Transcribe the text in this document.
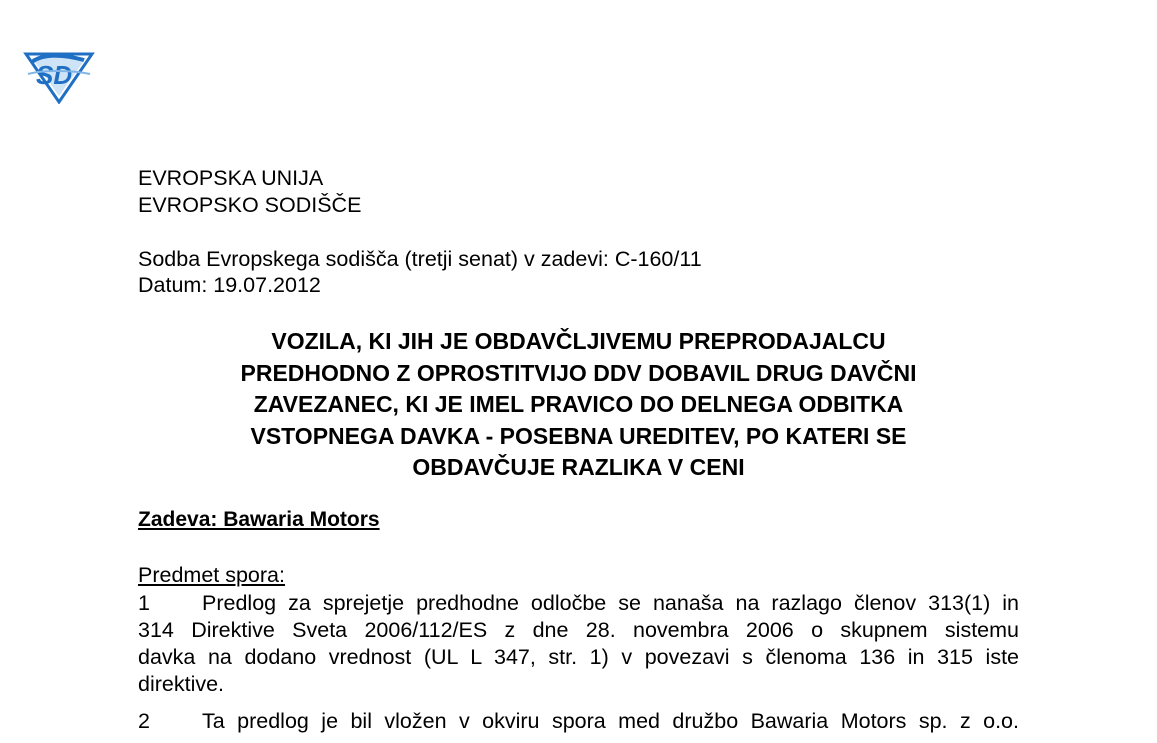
SD
EVROPSKA UNIJA
EVROPSKO SODIŠČE
Sodba Evropskega sodišča (tretji senat) v zadevi: C-160/11
Datum: 19.07.2012
VOZILA, KI JIH JE OBDAVČLJIVEMU PREPRODAJALCU
PREDHODNO Z OPROSTITVIJO DDV DOBAVIL DRUG DAVČNI
ZAVEZANEC, KI JE IMEL PRAVICO DO DELNEGA ODBITKA
VSTOPNEGA DAVKA - POSEBNA UREDITEV, PO KATERI SE
OBDAVČUJE RAZLIKA V CENI
Zadeva: Bawaria Motors
Predmet spora:
1 Predlog za sprejetje predhodne odločbe se nanaša na razlago členov 313(1) in
314 Direktive Sveta 2006/112/ES z dne 28. novembra 2006 o skupnem sistemu
davka na dodano vrednost (UL L 347, str. 1) v povezavi s členoma 136 in 315 iste
direktive.
2 Ta predlog je bil vložen v okviru spora med družbo Bawaria Motors sp. z o.o.
